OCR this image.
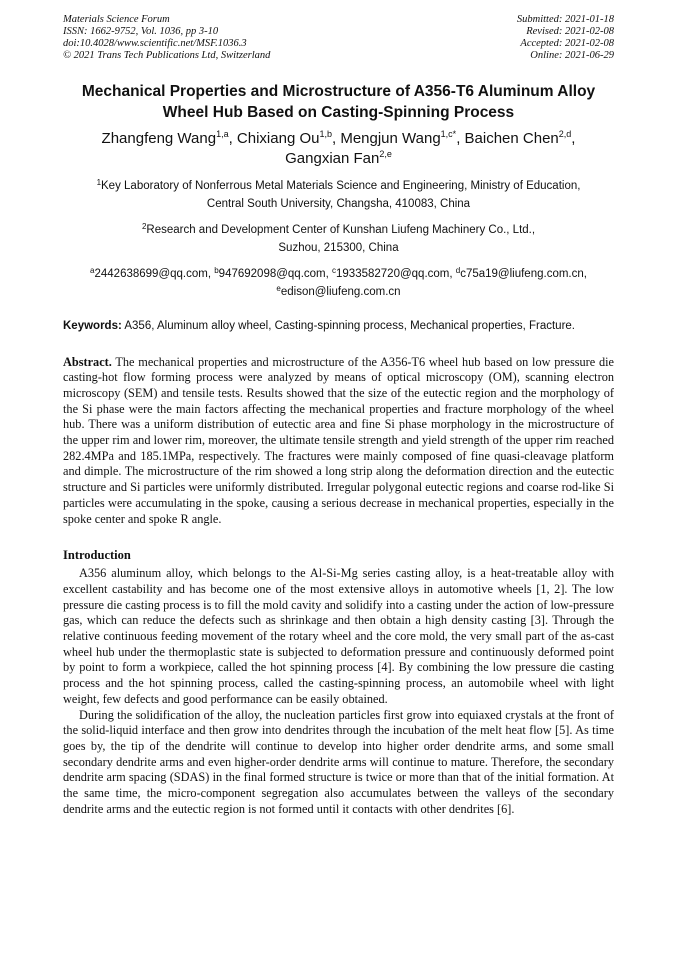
Materials Science Forum
ISSN: 1662-9752, Vol. 1036, pp 3-10
doi:10.4028/www.scientific.net/MSF.1036.3
© 2021 Trans Tech Publications Ltd, Switzerland
Submitted: 2021-01-18
Revised: 2021-02-08
Accepted: 2021-02-08
Online: 2021-06-29
Mechanical Properties and Microstructure of A356-T6 Aluminum Alloy
Wheel Hub Based on Casting-Spinning Process
Zhangfeng Wang$^{1,a}$, Chixiang Ou$^{1,b}$, Mengjun Wang$^{1,c*}$, Baichen Chen$^{2,d}$,
Gangxian Fan$^{2,e}$
$^1$Key Laboratory of Nonferrous Metal Materials Science and Engineering, Ministry of Education,
Central South University, Changsha, 410083, China
$^2$Research and Development Center of Kunshan Liufeng Machinery Co., Ltd.,
Suzhou, 215300, China
$^a$2442638699@qq.com, $^b$947692098@qq.com, $^c$1933582720@qq.com, $^d$c75a19@liufeng.com.cn,
$^e$edison@liufeng.com.cn
Keywords: A356, Aluminum alloy wheel, Casting-spinning process, Mechanical properties, Fracture.
Abstract. The mechanical properties and microstructure of the A356-T6 wheel hub based on low pressure die casting-hot flow forming process were analyzed by means of optical microscopy (OM), scanning electron microscopy (SEM) and tensile tests. Results showed that the size of the eutectic region and the morphology of the Si phase were the main factors affecting the mechanical properties and fracture morphology of the wheel hub. There was a uniform distribution of eutectic area and fine Si phase morphology in the microstructure of the upper rim and lower rim, moreover, the ultimate tensile strength and yield strength of the upper rim reached 282.4MPa and 185.1MPa, respectively. The fractures were mainly composed of fine quasi-cleavage platform and dimple. The microstructure of the rim showed a long strip along the deformation direction and the eutectic structure and Si particles were uniformly distributed. Irregular polygonal eutectic regions and coarse rod-like Si particles were accumulating in the spoke, causing a serious decrease in mechanical properties, especially in the spoke center and spoke R angle.
Introduction
A356 aluminum alloy, which belongs to the Al-Si-Mg series casting alloy, is a heat-treatable alloy with excellent castability and has become one of the most extensive alloys in automotive wheels [1, 2]. The low pressure die casting process is to fill the mold cavity and solidify into a casting under the action of low-pressure gas, which can reduce the defects such as shrinkage and then obtain a high density casting [3]. Through the relative continuous feeding movement of the rotary wheel and the core mold, the very small part of the as-cast wheel hub under the thermoplastic state is subjected to deformation pressure and continuously deformed point by point to form a workpiece, called the hot spinning process [4]. By combining the low pressure die casting process and the hot spinning process, called the casting-spinning process, an automobile wheel with light weight, few defects and good performance can be easily obtained.
During the solidification of the alloy, the nucleation particles first grow into equiaxed crystals at the front of the solid-liquid interface and then grow into dendrites through the incubation of the melt heat flow [5]. As time goes by, the tip of the dendrite will continue to develop into higher order dendrite arms, and some small secondary dendrite arms and even higher-order dendrite arms will continue to mature. Therefore, the secondary dendrite arm spacing (SDAS) in the final formed structure is twice or more than that of the initial formation. At the same time, the micro-component segregation also accumulates between the valleys of the secondary dendrite arms and the eutectic region is not formed until it contacts with other dendrites [6].
